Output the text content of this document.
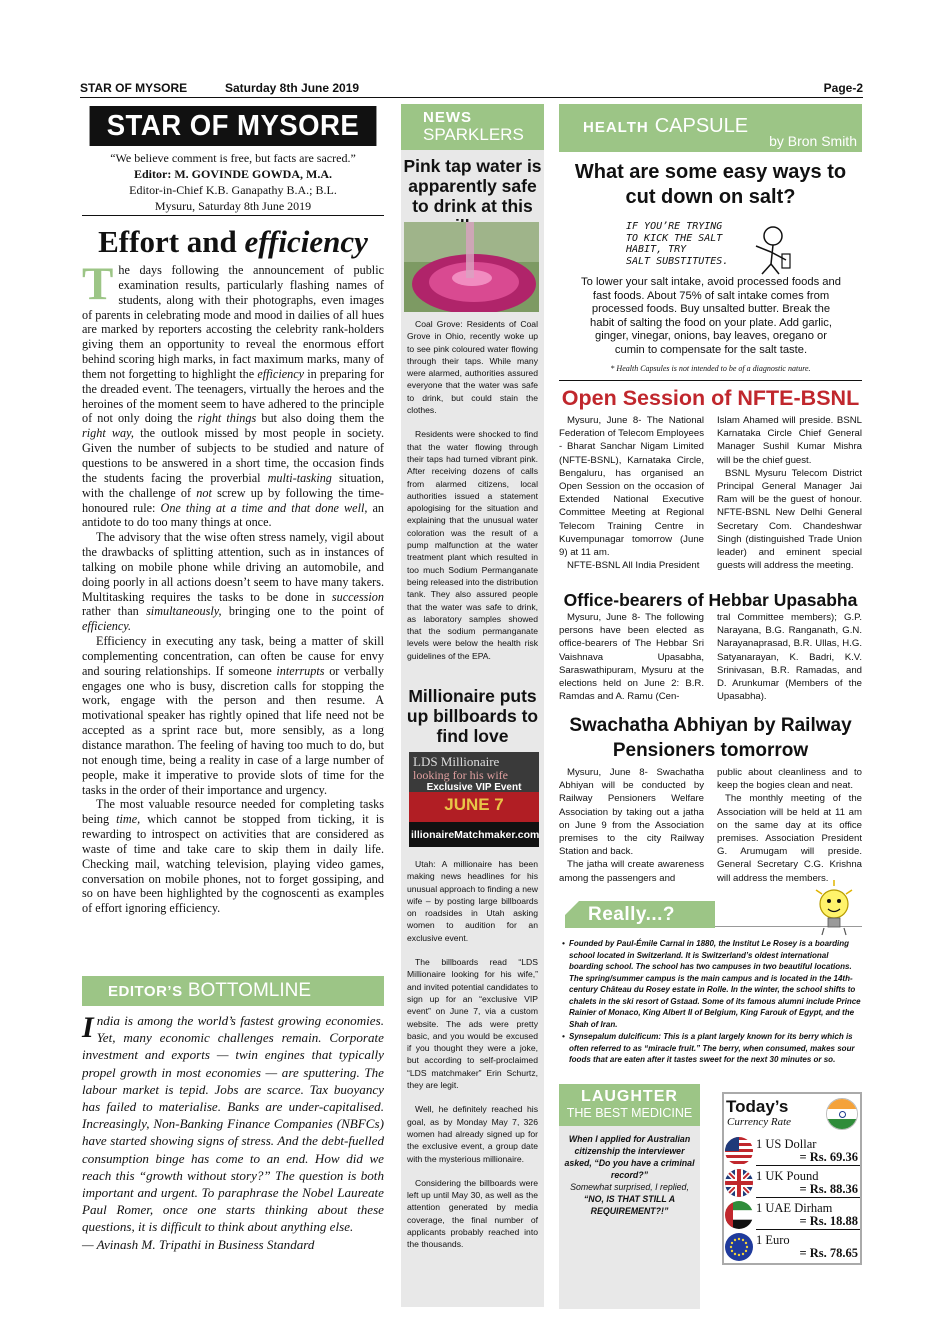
STAR OF MYSORE	Saturday 8th June 2019	Page-2
STAR OF MYSORE
“We believe comment is free, but facts are sacred.”
Editor: M. GOVINDE GOWDA, M.A.
Editor-in-Chief K.B. Ganapathy B.A.; B.L.
Mysuru, Saturday 8th June 2019
Effort and efficiency

The days following the announcement of public examination results, particularly flashing names of students, along with their photographs, even images of parents in celebrating mode and mood in dailies of all hues are marked by reporters accosting the celebrity rank-holders giving them an opportunity to reveal the enormous effort behind scoring high marks, in fact maximum marks, many of them not forgetting to highlight the efficiency in preparing for the dreaded event. The teenagers, virtually the heroes and the heroines of the moment seem to have adhered to the principle of not only doing the right things but also doing them the right way, the outlook missed by most people in society. Given the number of subjects to be studied and nature of questions to be answered in a short time, the occasion finds the students facing the proverbial multi-tasking situation, with the challenge of not screw up by following the time-honoured rule: One thing at a time and that done well, an antidote to do too many things at once.

The advisory that the wise often stress namely, vigil about the drawbacks of splitting attention, such as in instances of talking on mobile phone while driving an automobile, and doing poorly in all actions doesn’t seem to have many takers. Multitasking requires the tasks to be done in succession rather than simultaneously, bringing one to the point of efficiency.

Efficiency in executing any task, being a matter of skill complementing concentration, can often be cause for envy and souring relationships. If someone interrupts or verbally engages one who is busy, discretion calls for stopping the work, engage with the person and then resume. A motivational speaker has rightly opined that life need not be accepted as a sprint race but, more sensibly, as a long distance marathon. The feeling of having too much to do, but not enough time, being a reality in case of a large number of people, make it imperative to provide slots of time for the tasks in the order of their importance and urgency.

The most valuable resource needed for completing tasks being time, which cannot be stopped from ticking, it is rewarding to introspect on activities that are considered as waste of time and take care to skip them in daily life. Checking mail, watching television, playing video games, conversation on mobile phones, not to forget gossiping, and so on have been highlighted by the cognoscenti as examples of effort ignoring efficiency.

EDITOR’S BOTTOMLINE
India is among the world’s fastest growing economies. Yet, many economic challenges remain. Corporate investment and exports — twin engines that typically propel growth in most economies — are sputtering. The labour market is tepid. Jobs are scarce. Tax buoyancy has failed to materialise. Banks are under-capitalised. Increasingly, Non-Banking Finance Companies (NBFCs) have started showing signs of stress. And the debt-fuelled consumption binge has come to an end. How did we reach this “growth without story?” The question is both important and urgent. To paraphrase the Nobel Laureate Paul Romer, once one starts thinking about these questions, it is difficult to think about anything else.
— Avinash M. Tripathi in Business Standard
NEWS
SPARKLERS
Pink tap water is apparently safe to drink at this

Coal Grove: Residents of Coal Grove in Ohio, recently woke up to see pink coloured water flowing through their taps. While many were alarmed, authorities assured everyone that the water was safe to drink, but could stain the clothes.

Residents were shocked to find that the water flowing through their taps had turned vibrant pink. After receiving dozens of calls from alarmed citizens, local authorities issued a statement apologising for the situation and explaining that the unusual water coloration was the result of a pump malfunction at the water treatment plant which resulted in too much Sodium Permanganate being released into the distribution tank. They also assured people that the water was safe to drink, as laboratory samples showed that the sodium permanganate levels were below the health risk guidelines of the EPA.

Millionaire puts up billboards to find love
LDS Millionaire
looking for his wife
Exclusive VIP Event
JUNE 7
illionaireMatchmaker.com

Utah: A millionaire has been making news headlines for his unusual approach to finding a new wife – by posting large billboards on roadsides in Utah asking women to audition for an exclusive event.

The billboards read “LDS Millionaire looking for his wife,” and invited potential candidates to sign up for an “exclusive VIP event” on June 7, via a custom website. The ads were pretty basic, and you would be excused if you thought they were a joke, but according to self-proclaimed “LDS matchmaker” Erin Schurtz, they are legit.

Well, he definitely reached his goal, as by Monday May 7, 326 women had already signed up for the exclusive event, a group date with the mysterious millionaire.

Considering the billboards were left up until May 30, as well as the attention generated by media coverage, the final number of applicants probably reached into the thousands.

HEALTH CAPSULE
by Bron Smith
What are some easy ways to cut down on salt?
IF YOU’RE TRYING
TO KICK THE SALT
HABIT, TRY
SALT SUBSTITUTES.
To lower your salt intake, avoid processed foods and fast foods. About 75% of salt intake comes from processed foods. Buy unsalted butter. Break the habit of salting the food on your plate. Add garlic, ginger, vinegar, onions, bay leaves, oregano or cumin to compensate for the salt taste.
* Health Capsules is not intended to be of a diagnostic nature.
Open Session of NFTE-BSNL

Mysuru, June 8- The National Federation of Telecom Employees - Bharat Sanchar Nigam Limited (NFTE-BSNL), Karnataka Circle, Bengaluru, has organised an Open Session on the occasion of Extended National Executive Committee Meeting at Regional Telecom Training Centre in Kuvempunagar tomorrow (June 9) at 11 am.

NFTE-BSNL All India President

Islam Ahamed will preside. BSNL Karnataka Circle Chief General Manager Sushil Kumar Mishra will be the chief guest.

BSNL Mysuru Telecom District Principal General Manager Jai Ram will be the guest of honour. NFTE-BSNL New Delhi General Secretary Com. Chandeshwar Singh (distinguished Trade Union leader) and eminent special guests will address the meeting.

Office-bearers of Hebbar Upasabha

Mysuru, June 8- The following persons have been elected as office-bearers of The Hebbar Sri Vaishnava Upasabha, Saraswathipuram, Mysuru at the elections held on June 2: B.R. Ramdas and A. Ramu (Cen-

tral Committee members); G.P. Narayana, B.G. Ranganath, G.N. Narayanaprasad, B.R. Ullas, H.G. Satyanarayan, K. Badri, K.V. Srinivasan, B.R. Ramadas, and D. Arunkumar (Members of the Upasabha).

Swachatha Abhiyan by Railway Pensioners tomorrow

Mysuru, June 8- Swachatha Abhiyan will be conducted by Railway Pensioners Welfare Association by taking out a jatha on June 9 from the Association premises to the city Railway Station and back.

The jatha will create awareness among the passengers and

public about cleanliness and to keep the bogies clean and neat.

The monthly meeting of the Association will be held at 11 am on the same day at its office premises. Association President G. Arumugam will preside. General Secretary C.G. Krishna will address the members.

Really...?
• Founded by Paul-Émile Carnal in 1880, the Institut Le Rosey is a boarding school located in Switzerland. It is Switzerland’s oldest international boarding school. The school has two campuses in two beautiful locations. The spring/summer campus is the main campus and is located in the 14th-century Château du Rosey estate in Rolle. In the winter, the school shifts to chalets in the ski resort of Gstaad. Some of its famous alumni include Prince Rainier of Monaco, King Albert II of Belgium, King Farouk of Egypt, and the Shah of Iran.
• Synsepalum dulcificum: This is a plant largely known for its berry which is often referred to as “miracle fruit.” The berry, when consumed, makes sour foods that are eaten after it tastes sweet for the next 30 minutes or so.
LAUGHTER
THE BEST MEDICINE
When I applied for Australian citizenship the interviewer asked, “Do you have a criminal record?”
Somewhat surprised, I replied,
“NO, IS THAT STILL A REQUIREMENT?!”
Today’s
Currency Rate
1 US Dollar
= Rs. 69.36
1 UK Pound
= Rs. 88.36
1 UAE Dirham
= Rs. 18.88
1 Euro
= Rs. 78.65
